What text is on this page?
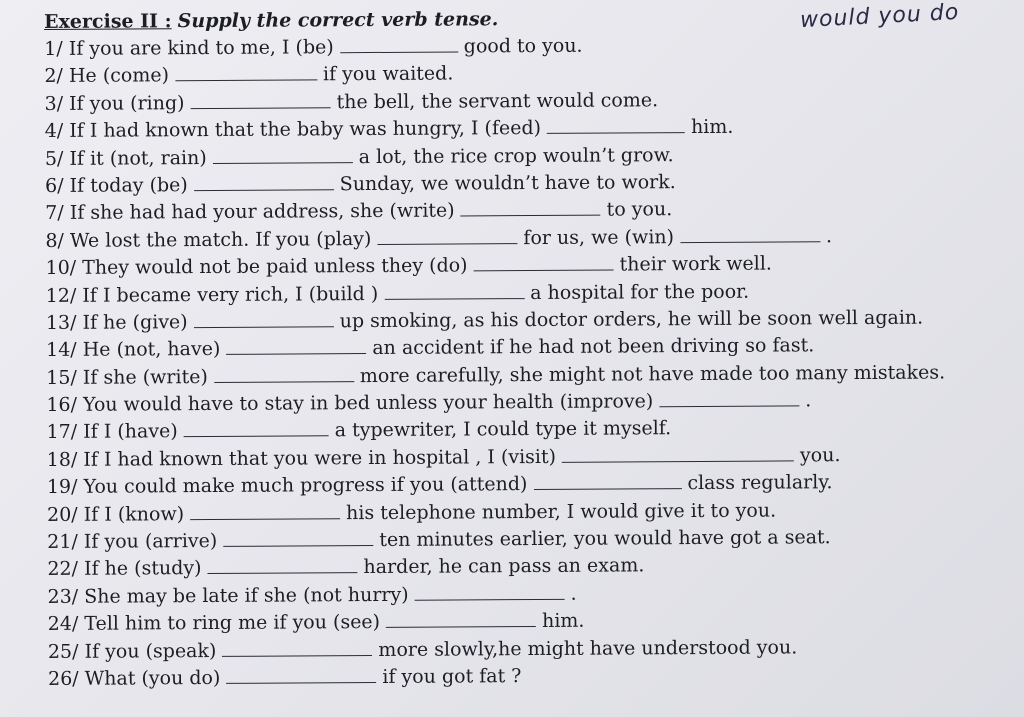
would you do
Exercise II : Supply the correct verb tense.
1/ If you are kind to me, I (be)	good to you.
2/ He (come)	if you waited.
3/ If you (ring)	the bell, the servant would come.
4/ If I had known that the baby was hungry, I (feed)	him.
5/ If it (not, rain)	a lot, the rice crop wouln’t grow.
6/ If today (be)	Sunday, we wouldn’t have to work.
7/ If she had had your address, she (write)	to you.
8/ We lost the match. If you (play)	for us, we (win)	.
10/ They would not be paid unless they (do)	their work well.
12/ If I became very rich, I (build )	a hospital for the poor.
13/ If he (give)	up smoking, as his doctor orders, he will be soon well again.
14/ He (not, have)	an accident if he had not been driving so fast.
15/ If she (write)	more carefully, she might not have made too many mistakes.
16/ You would have to stay in bed unless your health (improve)	.
17/ If I (have)	a typewriter, I could type it myself.
18/ If I had known that you were in hospital , I (visit)	you.
19/ You could make much progress if you (attend)	class regularly.
20/ If I (know)	his telephone number, I would give it to you.
21/ If you (arrive)	ten minutes earlier, you would have got a seat.
22/ If he (study)	harder, he can pass an exam.
23/ She may be late if she (not hurry)	.
24/ Tell him to ring me if you (see)	him.
25/ If you (speak)	more slowly,he might have understood you.
26/ What (you do)	if you got fat ?
